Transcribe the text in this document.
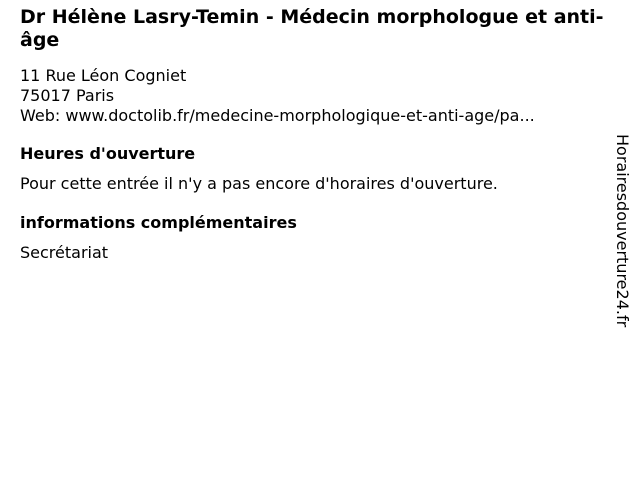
Dr Hélène Lasry-Temin - Médecin morphologue et anti-âge
11 Rue Léon Cogniet
75017 Paris
Web: www.doctolib.fr/medecine-morphologique-et-anti-age/pa...
Heures d'ouverture
Pour cette entrée il n'y a pas encore d'horaires d'ouverture.
informations complémentaires
Secrétariat	Horairesdouverture24.fr
